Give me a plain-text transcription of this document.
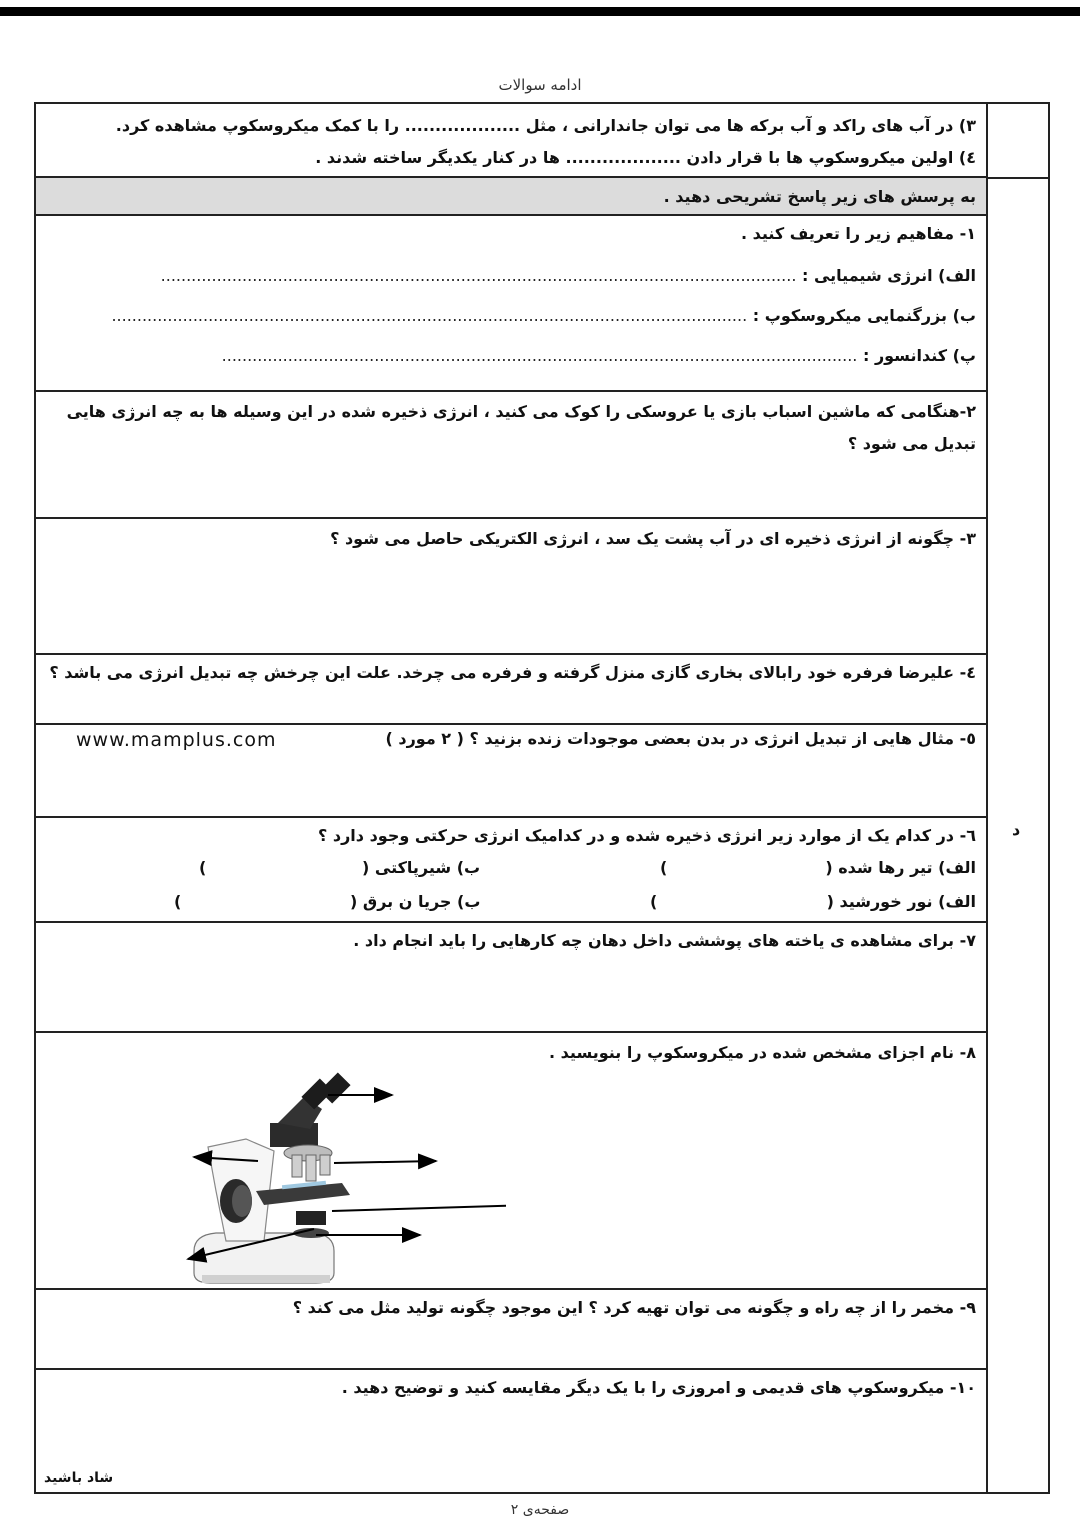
ادامه سوالات
د
۳) در آب های راکد و آب برکه ها می توان جاندارانی ، مثل ................... را با کمک میکروسکوپ مشاهده کرد.
٤) اولین میکروسکوپ ها با قرار دادن ................... ها در کنار یکدیگر ساخته شدند .
به پرسش های زیر پاسخ تشریحی دهید .
۱- مفاهیم زیر را تعریف کنید .
الف) انرژی شیمیایی : .............................................................................................................................
ب) بزرگنمایی میکروسکوپ : .............................................................................................................................
پ) کندانسور : .............................................................................................................................
۲-هنگامی که ماشین اسباب بازی یا عروسکی را کوک می کنید ، انرژی ذخیره شده در این وسیله ها به چه انرژی هایی
تبدیل می شود ؟
۳- چگونه از انرژی ذخیره ای در آب پشت یک سد ، انرژی الکتریکی حاصل می شود ؟
٤- علیرضا فرفره خود رابالای بخاری گازی منزل گرفته و فرفره می چرخد. علت این چرخش چه تبدیل انرژی می باشد ؟
٥- مثال هایی از تبدیل انرژی در بدن بعضی موجودات زنده بزنید ؟ ( ۲ مورد )
www.mamplus.com
٦- در کدام یک از موارد زیر انرژی ذخیره شده و در کدامیک انرژی حرکتی وجود دارد ؟
الف) تیر رها شده (
)
ب) شیرپاکتی (
)
الف) نور خورشید (
)
ب) جریا ن برق (
)
۷- برای مشاهده ی یاخته های پوششی داخل دهان چه کارهایی را باید انجام داد .
۸- نام اجزای مشخص شده در میکروسکوپ را بنویسید .
۹- مخمر را از چه راه و چگونه می توان تهیه کرد ؟ این موجود چگونه تولید مثل می کند ؟
۱۰- میکروسکوپ های قدیمی و امروزی را با یک دیگر مقایسه کنید و توضیح دهید .
شاد باشید
صفحه‌ی ۲
